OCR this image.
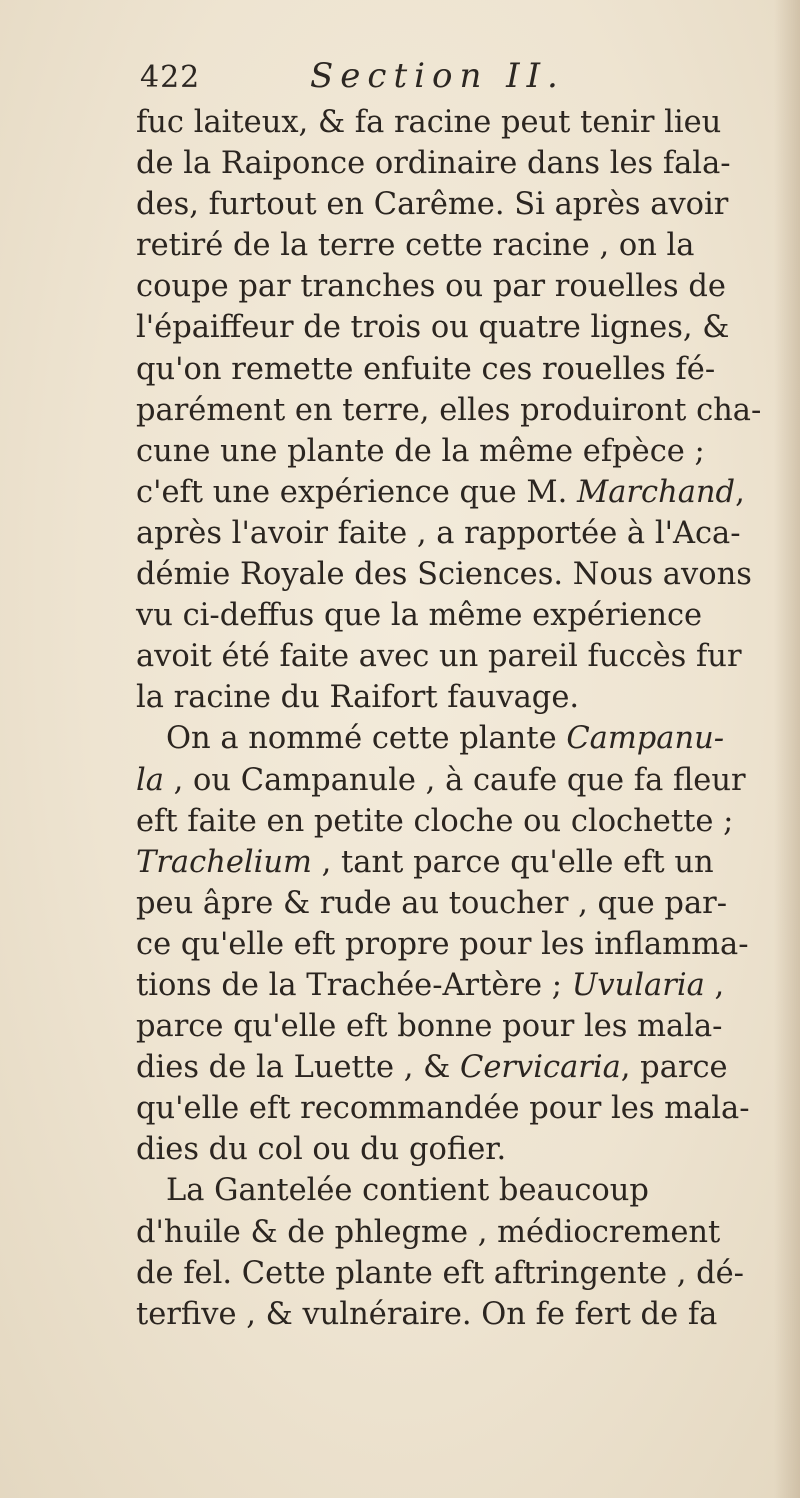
422	Section II.
fuc laiteux, & fa racine peut tenir lieu
de la Raiponce ordinaire dans les fala-
des, furtout en Carême. Si après avoir
retiré de la terre cette racine , on la
coupe par tranches ou par rouelles de
l'épaiffeur de trois ou quatre lignes, &
qu'on remette enfuite ces rouelles fé-
parément en terre, elles produiront cha-
cune une plante de la même efpèce ;
c'eft une expérience que M. Marchand,
après l'avoir faite , a rapportée à l'Aca-
démie Royale des Sciences. Nous avons
vu ci-deffus que la même expérience
avoit été faite avec un pareil fuccès fur
la racine du Raifort fauvage.
On a nommé cette plante Campanu-
la , ou Campanule , à caufe que fa fleur
eft faite en petite cloche ou clochette ;
Trachelium , tant parce qu'elle eft un
peu âpre & rude au toucher , que par-
ce qu'elle eft propre pour les inflamma-
tions de la Trachée-Artère ; Uvularia ,
parce qu'elle eft bonne pour les mala-
dies de la Luette , & Cervicaria, parce
qu'elle eft recommandée pour les mala-
dies du col ou du gofier.
La Gantelée contient beaucoup
d'huile & de phlegme , médiocrement
de fel. Cette plante eft aftringente , dé-
terfive , & vulnéraire. On fe fert de fa
